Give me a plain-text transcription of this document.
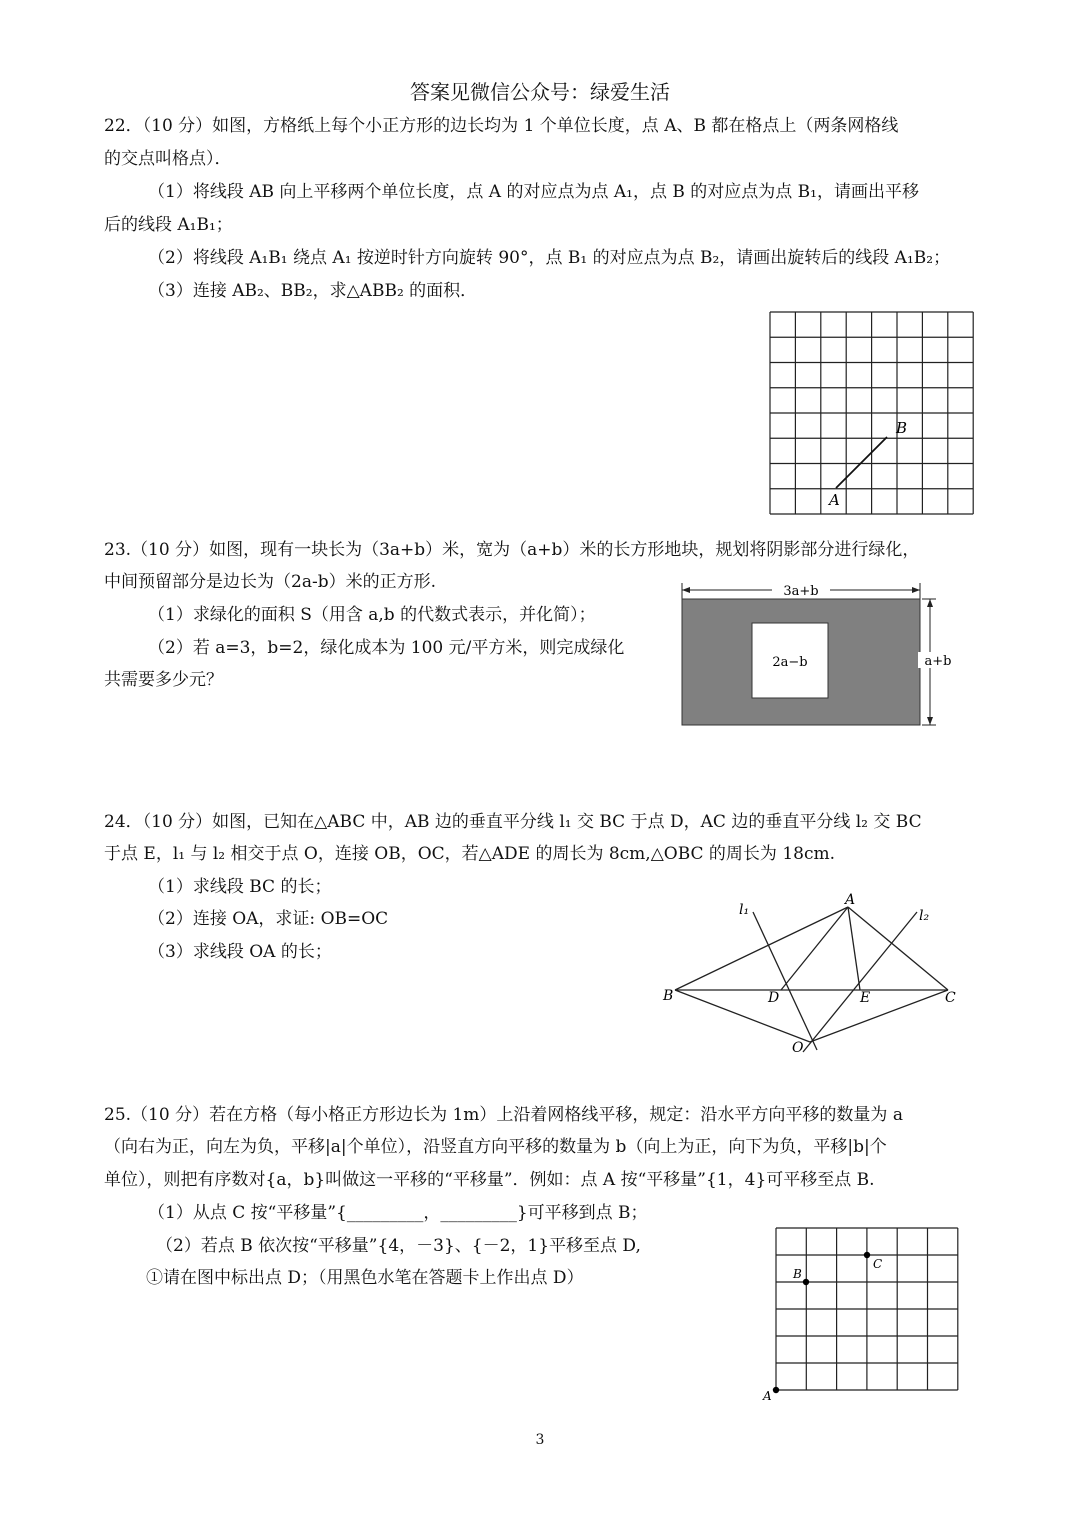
答案见微信公众号：绿爱生活
22．（10 分）如图，方格纸上每个小正方形的边长均为 1 个单位长度，点 A、B 都在格点上（两条网格线
的交点叫格点）．
（1）将线段 AB 向上平移两个单位长度，点 A 的对应点为点 A₁，点 B 的对应点为点 B₁，请画出平移
后的线段 A₁B₁；
（2）将线段 A₁B₁ 绕点 A₁ 按逆时针方向旋转 90°，点 B₁ 的对应点为点 B₂，请画出旋转后的线段 A₁B₂；
（3）连接 AB₂、BB₂，求△ABB₂ 的面积．
A
B
23.（10 分）如图，现有一块长为（3a+b）米，宽为（a+b）米的长方形地块，规划将阴影部分进行绿化，
中间预留部分是边长为（2a-b）米的正方形.
（1）求绿化的面积 S（用含 a,b 的代数式表示，并化简）；
（2）若 a=3，b=2，绿化成本为 100 元/平方米，则完成绿化
共需要多少元？
3a+b
2a−b	a+b
24．（10 分）如图，已知在△ABC 中，AB 边的垂直平分线 l₁ 交 BC 于点 D，AC 边的垂直平分线 l₂ 交 BC
于点 E，l₁ 与 l₂ 相交于点 O，连接 OB，OC，若△ADE 的周长为 8cm,△OBC 的周长为 18cm.
（1）求线段 BC 的长；
（2）连接 OA，求证: OB=OC
（3）求线段 OA 的长；
A
B	C
D	E
O
l₁	l₂
25.（10 分）若在方格（每小格正方形边长为 1m）上沿着网格线平移，规定：沿水平方向平移的数量为 a
（向右为正，向左为负，平移|a|个单位），沿竖直方向平移的数量为 b（向上为正，向下为负，平移|b|个
单位），则把有序数对{a，b}叫做这一平移的“平移量”．例如：点 A 按“平移量”{1，4}可平移至点 B.
（1）从点 C 按“平移量”{_________，_________}可平移到点 B；
（2）若点 B 依次按“平移量”{4，－3}、{－2，1}平移至点 D,
①请在图中标出点 D；（用黑色水笔在答题卡上作出点 D）	B
C
A
3
